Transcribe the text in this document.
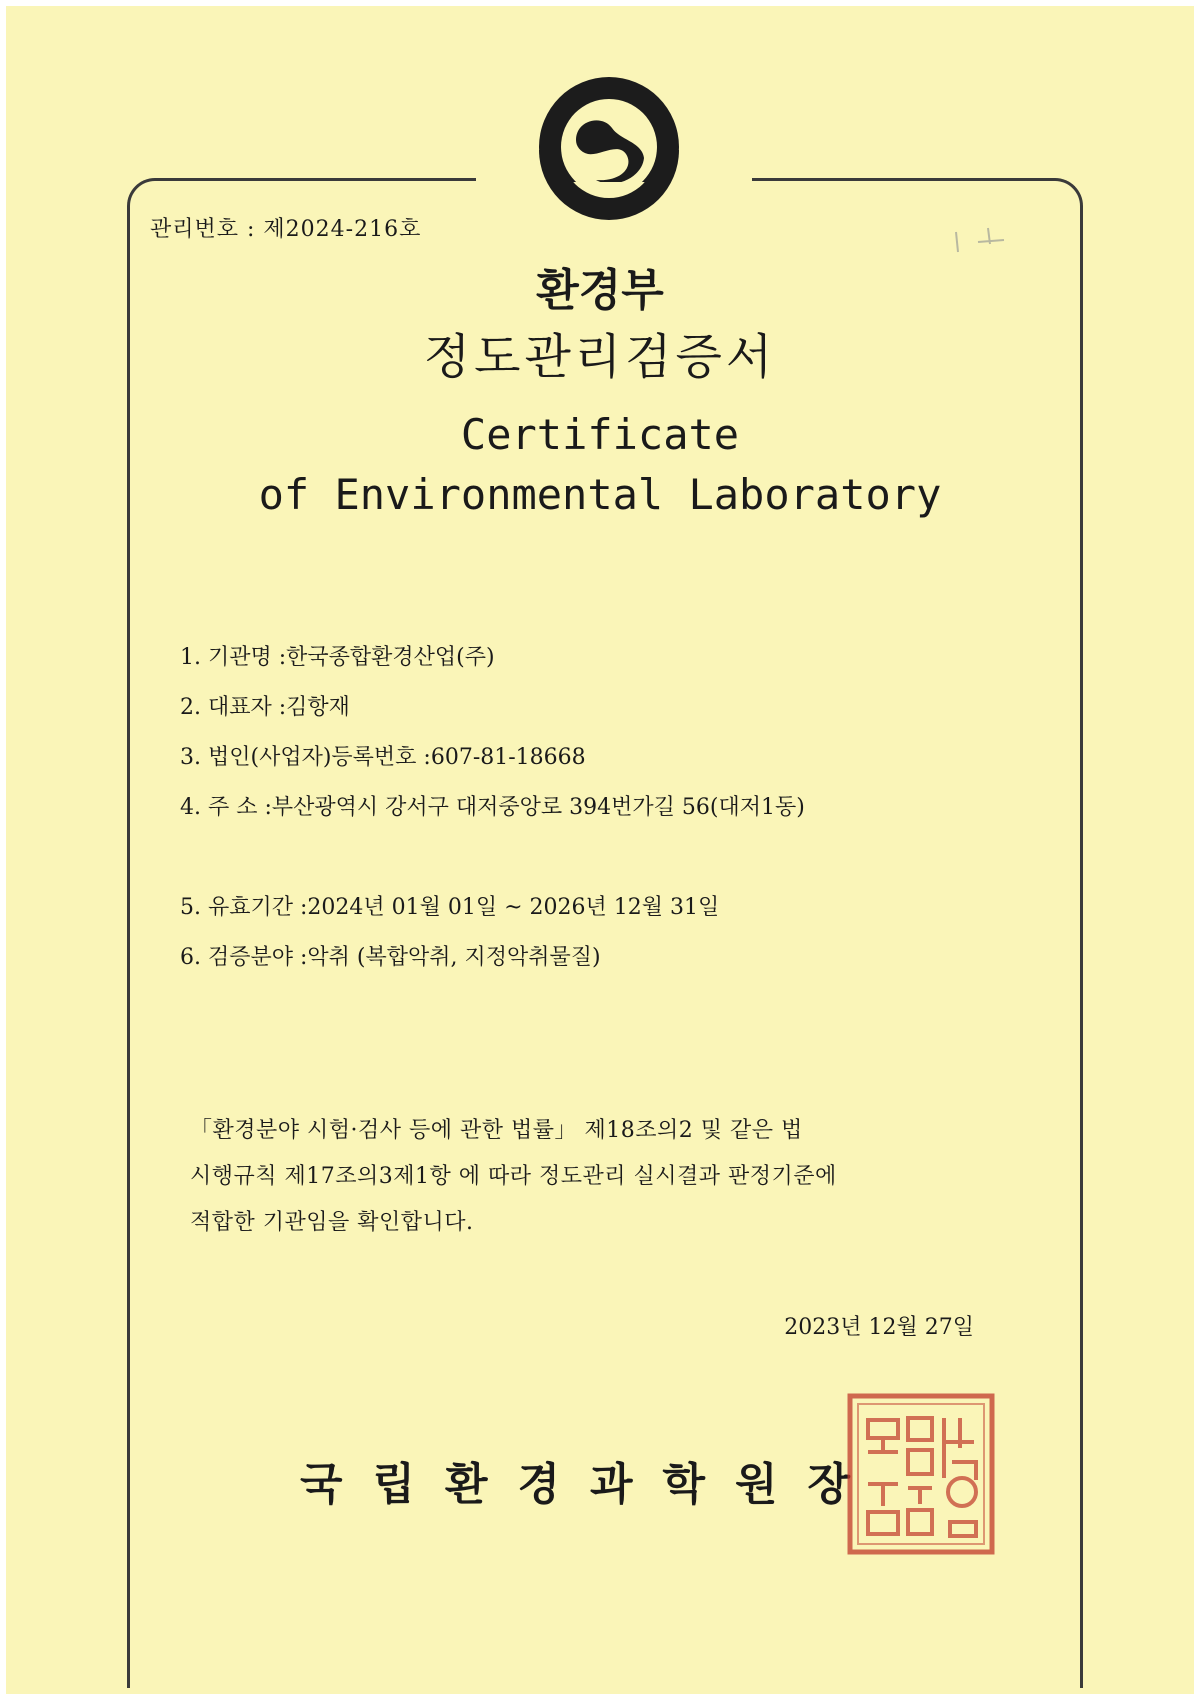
관리번호 : 제2024-216호
환경부
정도관리검증서
Certificate
of Environmental Laboratory
1. 기관명 :한국종합환경산업(주)
2. 대표자 :김항재
3. 법인(사업자)등록번호 :607-81-18668
4. 주 소 :부산광역시 강서구 대저중앙로 394번가길 56(대저1동)
5. 유효기간 :2024년 01월 01일 ~ 2026년 12월 31일
6. 검증분야 :악취 (복합악취, 지정악취물질)
「환경분야 시험·검사 등에 관한 법률」 제18조의2 및 같은 법
시행규칙 제17조의3제1항 에 따라 정도관리 실시결과 판정기준에
적합한 기관임을 확인합니다.
2023년 12월 27일
국립환경과학원장
